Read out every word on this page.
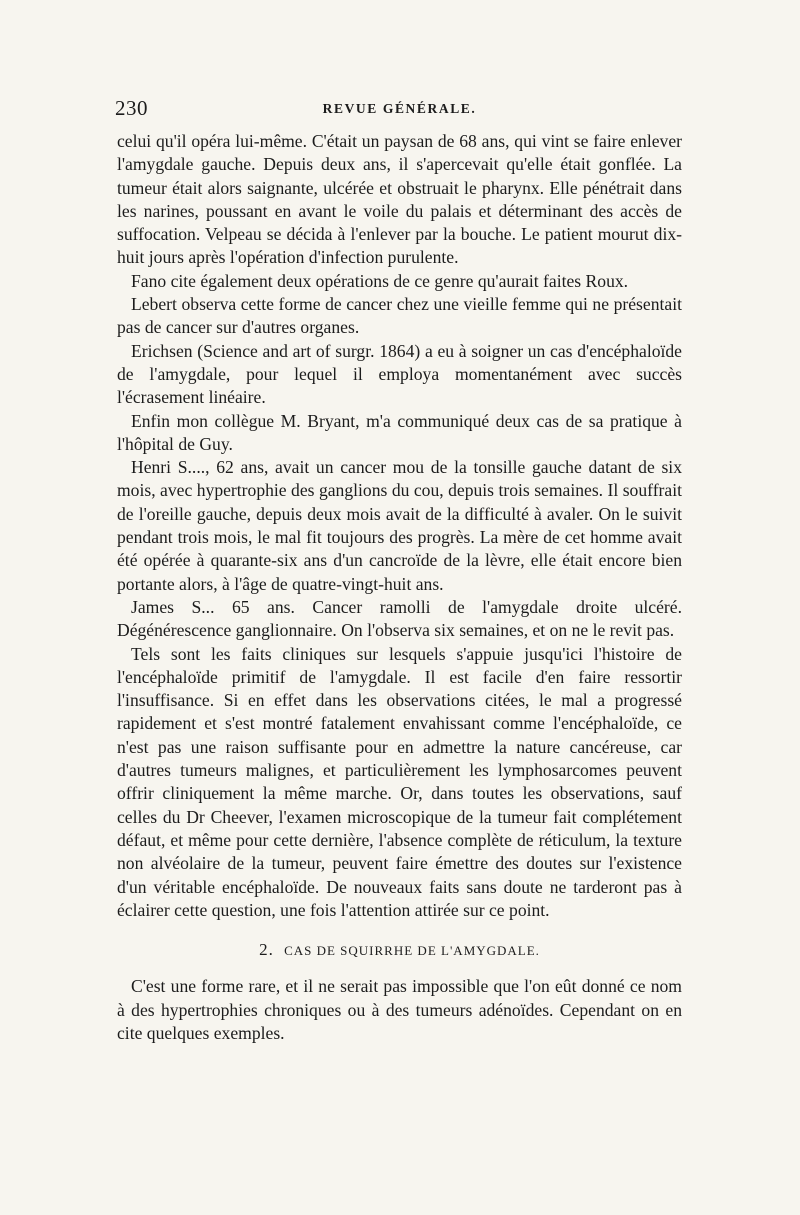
230	REVUE GÉNÉRALE.

celui qu'il opéra lui-même. C'était un paysan de 68 ans, qui vint se faire enlever l'amygdale gauche. Depuis deux ans, il s'apercevait qu'elle était gonflée. La tumeur était alors saignante, ulcérée et obstruait le pharynx. Elle pénétrait dans les narines, poussant en avant le voile du palais et déterminant des accès de suffocation. Velpeau se décida à l'enlever par la bouche. Le patient mourut dix-huit jours après l'opération d'infection purulente.

Fano cite également deux opérations de ce genre qu'aurait faites Roux.

Lebert observa cette forme de cancer chez une vieille femme qui ne présentait pas de cancer sur d'autres organes.

Erichsen (Science and art of surgr. 1864) a eu à soigner un cas d'encéphaloïde de l'amygdale, pour lequel il employa momentanément avec succès l'écrasement linéaire.

Enfin mon collègue M. Bryant, m'a communiqué deux cas de sa pratique à l'hôpital de Guy.

Henri S...., 62 ans, avait un cancer mou de la tonsille gauche datant de six mois, avec hypertrophie des ganglions du cou, depuis trois semaines. Il souffrait de l'oreille gauche, depuis deux mois avait de la difficulté à avaler. On le suivit pendant trois mois, le mal fit toujours des progrès. La mère de cet homme avait été opérée à quarante-six ans d'un cancroïde de la lèvre, elle était encore bien portante alors, à l'âge de quatre-vingt-huit ans.

James S... 65 ans. Cancer ramolli de l'amygdale droite ulcéré. Dégénérescence ganglionnaire. On l'observa six semaines, et on ne le revit pas.

Tels sont les faits cliniques sur lesquels s'appuie jusqu'ici l'histoire de l'encéphaloïde primitif de l'amygdale. Il est facile d'en faire ressortir l'insuffisance. Si en effet dans les observations citées, le mal a progressé rapidement et s'est montré fatalement envahissant comme l'encéphaloïde, ce n'est pas une raison suffisante pour en admettre la nature cancéreuse, car d'autres tumeurs malignes, et particulièrement les lymphosarcomes peuvent offrir cliniquement la même marche. Or, dans toutes les observations, sauf celles du Dr Cheever, l'examen microscopique de la tumeur fait complétement défaut, et même pour cette dernière, l'absence complète de réticulum, la texture non alvéolaire de la tumeur, peuvent faire émettre des doutes sur l'existence d'un véritable encéphaloïde. De nouveaux faits sans doute ne tarderont pas à éclairer cette question, une fois l'attention attirée sur ce point.

2. CAS DE SQUIRRHE DE L'AMYGDALE.

C'est une forme rare, et il ne serait pas impossible que l'on eût donné ce nom à des hypertrophies chroniques ou à des tumeurs adénoïdes. Cependant on en cite quelques exemples.
